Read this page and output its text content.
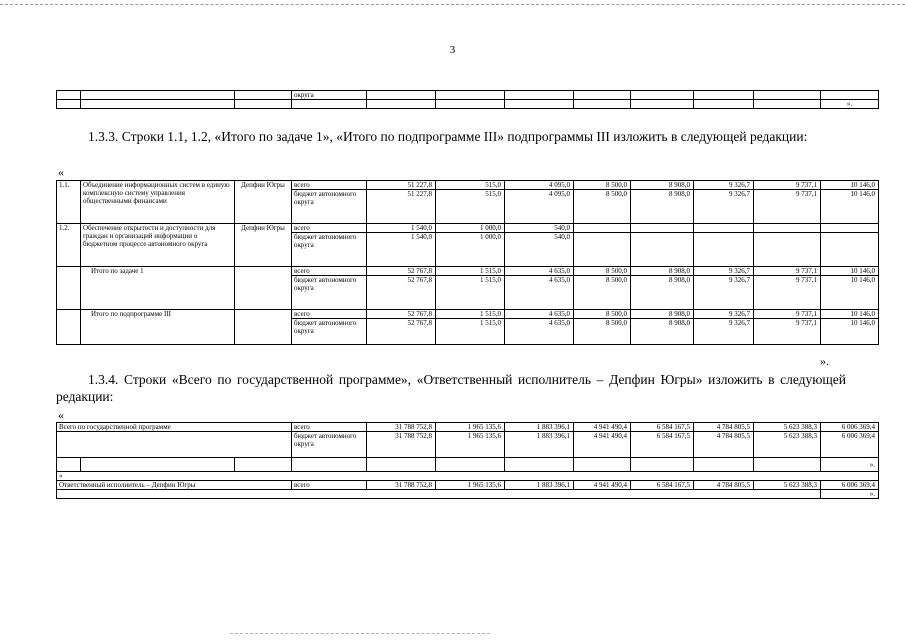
3
			округа								
											».
1.3.3. Строки 1.1, 1.2, «Итого по задаче 1», «Итого по подпрограмме III» подпрограммы III изложить в следующей редакции:
«
1.1.	Объединение информационных систем в единую комплексную систему управления общественными финансами	Депфин Югры	всего	51 227,8	515,0	4 095,0	8 500,0	8 908,0	9 326,7	9 737,1	10 146,0
			бюджет автономного округа	51 227,8	515,0	4 095,0	8 500,0	8 908,0	9 326,7	9 737,1	10 146,0
1.2.	Обеспечение открытости и доступности для граждан и организаций информации о бюджетном процессе автономного округа	Депфин Югры	всего	1 540,0	1 000,0	540,0					
			бюджет автономного округа	1 540,0	1 000,0	540,0					
	Итого по задаче 1		всего	52 767,8	1 515,0	4 635,0	8 500,0	8 908,0	9 326,7	9 737,1	10 146,0
			бюджет автономного округа	52 767,8	1 515,0	4 635,0	8 500,0	8 908,0	9 326,7	9 737,1	10 146,0
	Итого по подпрограмме III		всего	52 767,8	1 515,0	4 635,0	8 500,0	8 908,0	9 326,7	9 737,1	10 146,0
			бюджет автономного округа	52 767,8	1 515,0	4 635,0	8 500,0	8 908,0	9 326,7	9 737,1	10 146,0
».
1.3.4. Строки «Всего по государственной программе», «Ответственный исполнитель – Депфин Югры» изложить в следующей редакции:
«
Всего по государственной программе			всего	31 788 752,8	1 965 135,6	1 883 396,1	4 941 490,4	6 584 167,5	4 784 805,5	5 623 388,3	6 006 369,4
			бюджет автономного округа	31 788 752,8	1 965 135,6	1 883 396,1	4 941 490,4	6 584 167,5	4 784 805,5	5 623 388,3	6 006 369,4
											».
«											
Ответственный исполнитель – Депфин Югры			всего	31 788 752,8	1 965 135,6	1 883 396,1	4 941 490,4	6 584 167,5	4 784 805,5	5 623 388,3	6 006 369,4
											».
